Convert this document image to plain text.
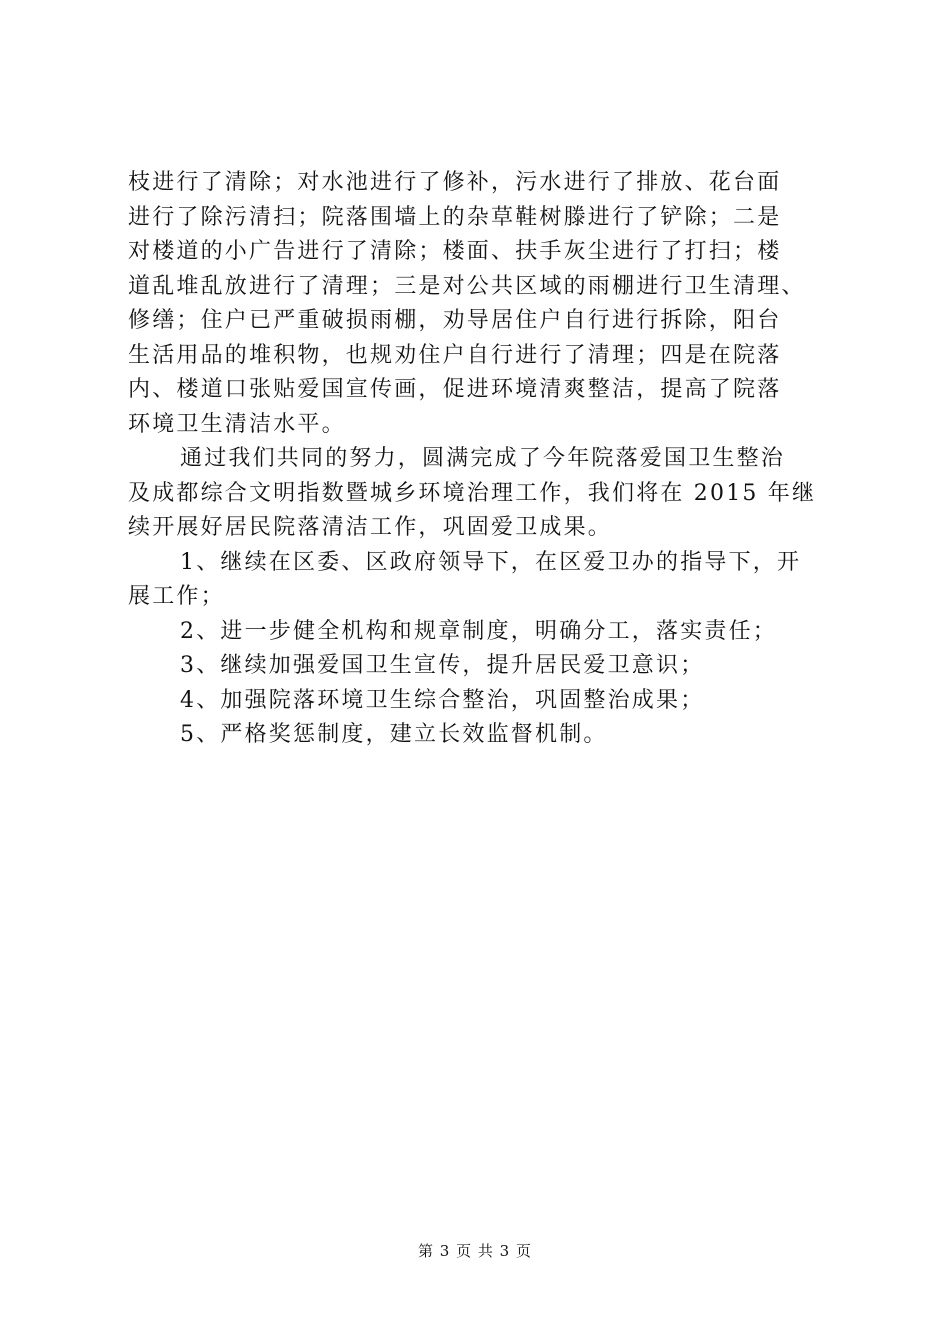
枝进行了清除；对水池进行了修补，污水进行了排放、花台面
进行了除污清扫；院落围墙上的杂草鞋树滕进行了铲除；二是
对楼道的小广告进行了清除；楼面、扶手灰尘进行了打扫；楼
道乱堆乱放进行了清理；三是对公共区域的雨棚进行卫生清理、
修缮；住户已严重破损雨棚，劝导居住户自行进行拆除，阳台
生活用品的堆积物，也规劝住户自行进行了清理；四是在院落
内、楼道口张贴爱国宣传画，促进环境清爽整洁，提高了院落
环境卫生清洁水平。
通过我们共同的努力，圆满完成了今年院落爱国卫生整治
及成都综合文明指数暨城乡环境治理工作，我们将在 2015 年继
续开展好居民院落清洁工作，巩固爱卫成果。
1、继续在区委、区政府领导下，在区爱卫办的指导下，开
展工作；
2、进一步健全机构和规章制度，明确分工，落实责任；
3、继续加强爱国卫生宣传，提升居民爱卫意识；
4、加强院落环境卫生综合整治，巩固整治成果；
5、严格奖惩制度，建立长效监督机制。
第 3 页 共 3 页
